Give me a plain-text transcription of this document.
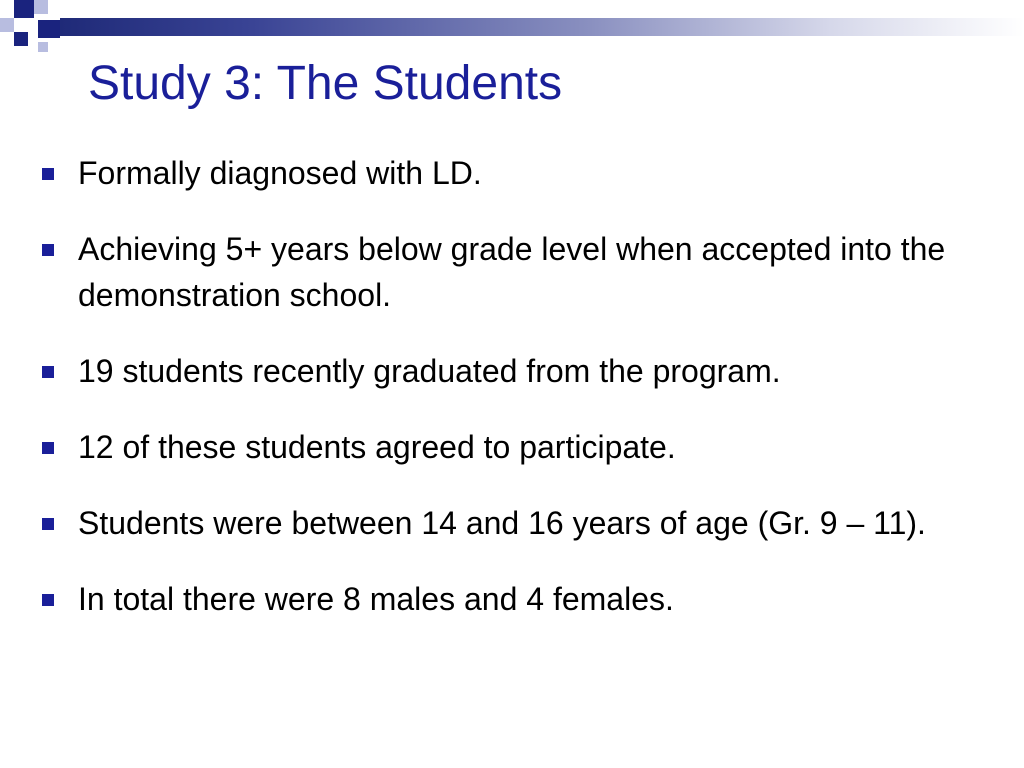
Study 3: The Students
Formally diagnosed with LD.
Achieving 5+ years below grade level when accepted into the demonstration school.
19 students recently graduated from the program.
12 of these students agreed to participate.
Students were between 14 and 16 years of age (Gr. 9 – 11).
In total there were 8 males and 4 females.
